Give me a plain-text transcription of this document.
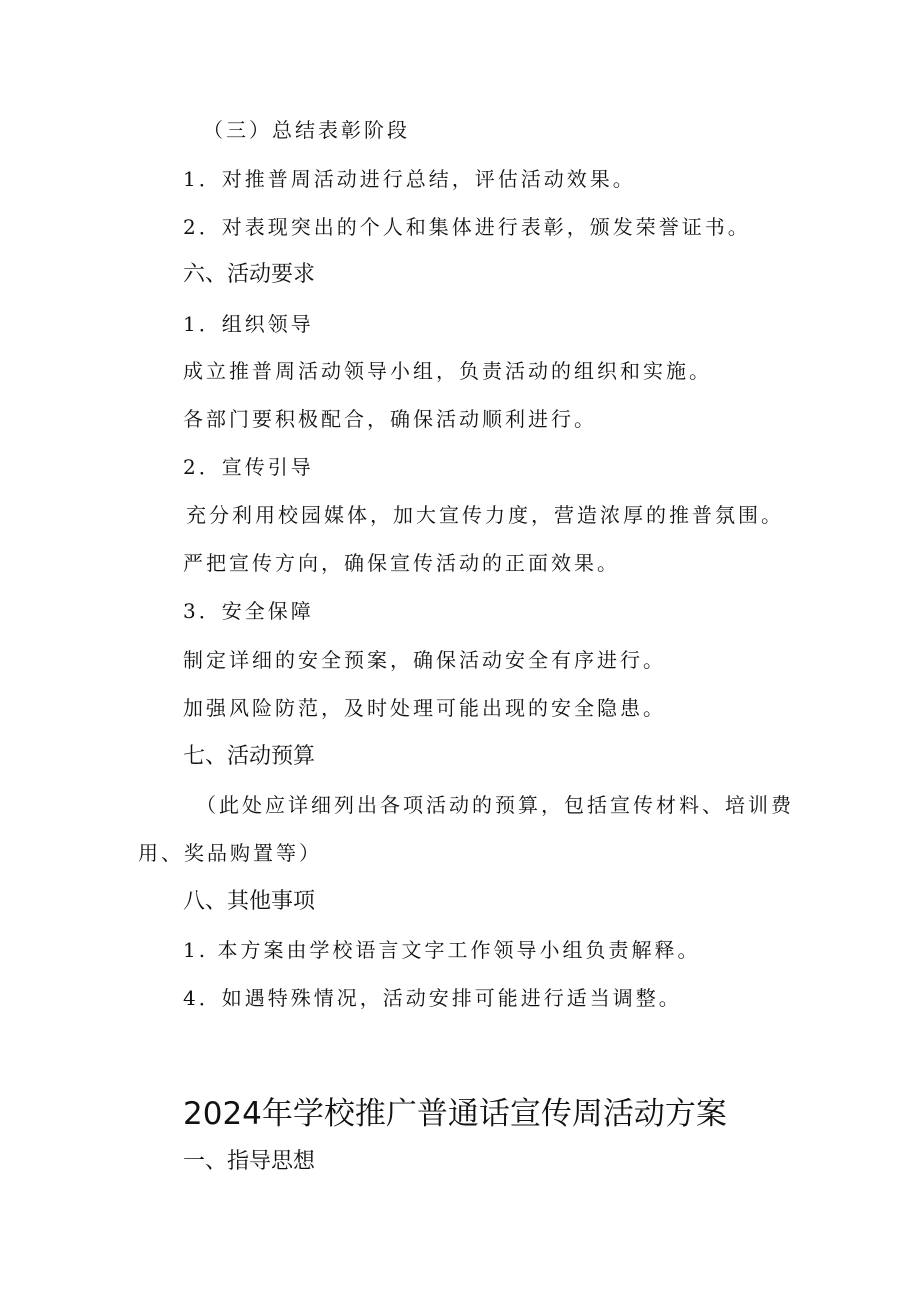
（三）总结表彰阶段
1．对推普周活动进行总结，评估活动效果。
2．对表现突出的个人和集体进行表彰，颁发荣誉证书。
六、活动要求
1．组织领导
成立推普周活动领导小组，负责活动的组织和实施。
各部门要积极配合，确保活动顺利进行。
2．宣传引导
充分利用校园媒体，加大宣传力度，营造浓厚的推普氛围。
严把宣传方向，确保宣传活动的正面效果。
3．安全保障
制定详细的安全预案，确保活动安全有序进行。
加强风险防范，及时处理可能出现的安全隐患。
七、活动预算
（此处应详细列出各项活动的预算，包括宣传材料、培训费
用、奖品购置等）
八、其他事项
1. 本方案由学校语言文字工作领导小组负责解释。
4．如遇特殊情况，活动安排可能进行适当调整。
2024年学校推广普通话宣传周活动方案
一、指导思想
